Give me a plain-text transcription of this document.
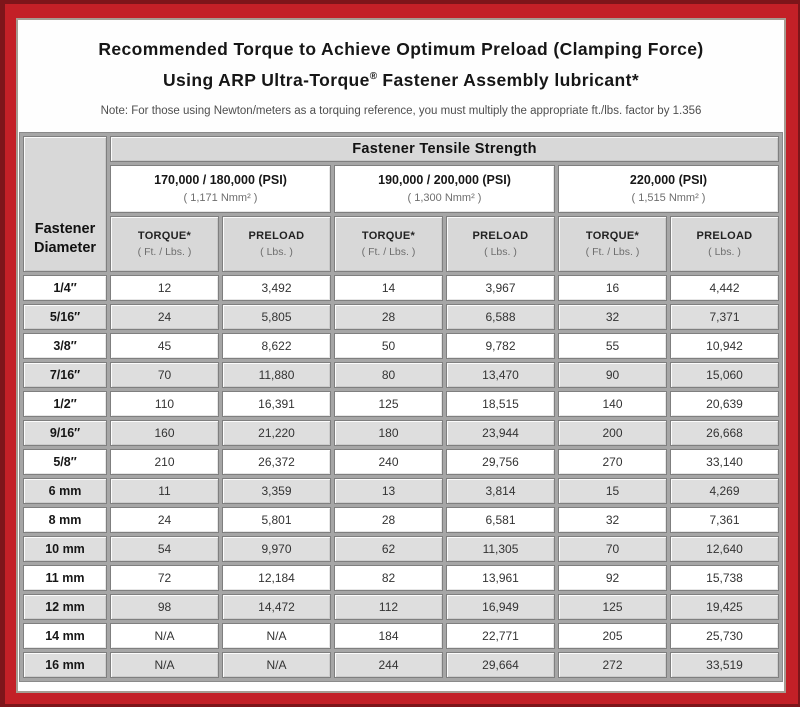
Recommended Torque to Achieve Optimum Preload (Clamping Force)
Using ARP Ultra-Torque® Fastener Assembly lubricant*

Note: For those using Newton/meters as a torquing reference, you must multiply the appropriate ft./lbs. factor by 1.356

Fastener
Diameter
Fastener Tensile Strength
170,000 / 180,000 (PSI)
( 1,171 Nmm² )
190,000 / 200,000 (PSI)
( 1,300 Nmm² )
220,000 (PSI)
( 1,515 Nmm² )
TORQUE*
( Ft. / Lbs. )
PRELOAD
( Lbs. )
TORQUE*
( Ft. / Lbs. )
PRELOAD
( Lbs. )
TORQUE*
( Ft. / Lbs. )
PRELOAD
( Lbs. )
1/4″	12	3,492	14	3,967	16	4,442
5/16″	24	5,805	28	6,588	32	7,371
3/8″	45	8,622	50	9,782	55	10,942
7/16″	70	11,880	80	13,470	90	15,060
1/2″	110	16,391	125	18,515	140	20,639
9/16″	160	21,220	180	23,944	200	26,668
5/8″	210	26,372	240	29,756	270	33,140
6 mm	11	3,359	13	3,814	15	4,269
8 mm	24	5,801	28	6,581	32	7,361
10 mm	54	9,970	62	11,305	70	12,640
11 mm	72	12,184	82	13,961	92	15,738
12 mm	98	14,472	112	16,949	125	19,425
14 mm	N/A	N/A	184	22,771	205	25,730
16 mm	N/A	N/A	244	29,664	272	33,519
